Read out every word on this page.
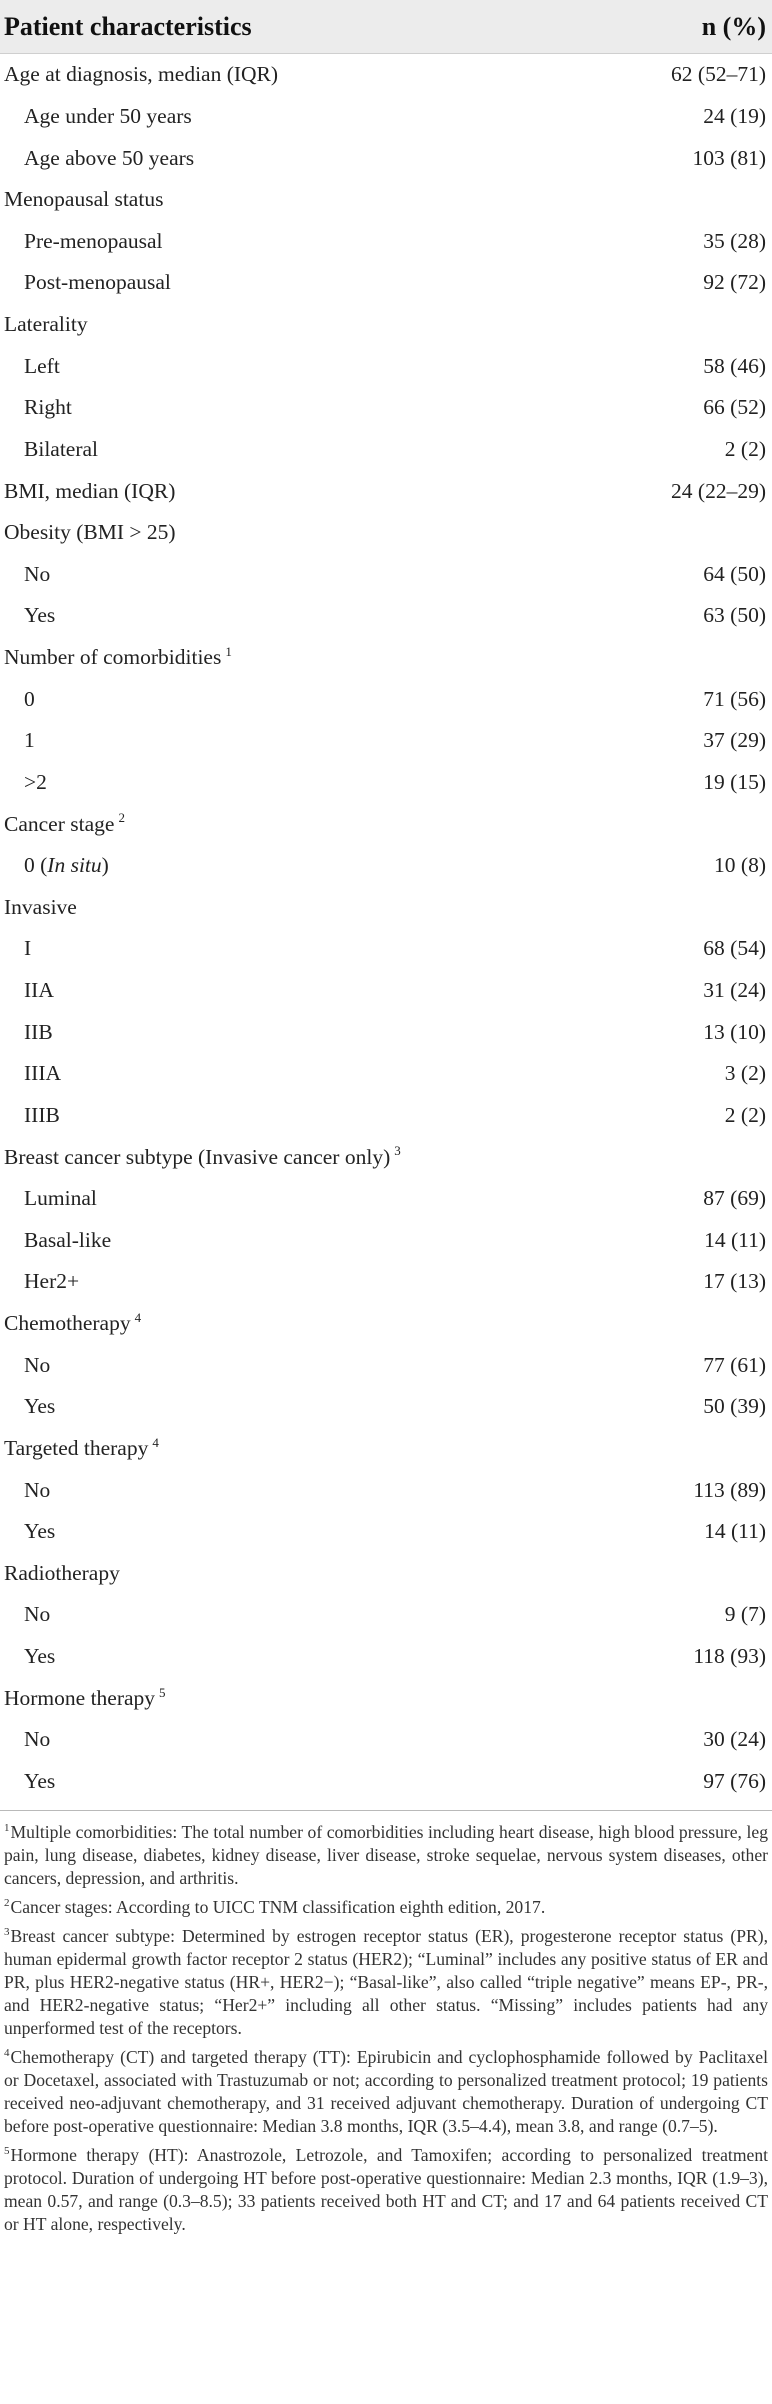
Patient characteristics	n (%)
Age at diagnosis, median (IQR)	62 (52–71)
Age under 50 years	24 (19)
Age above 50 years	103 (81)
Menopausal status
Pre-menopausal	35 (28)
Post-menopausal	92 (72)
Laterality
Left	58 (46)
Right	66 (52)
Bilateral	2 (2)
BMI, median (IQR)	24 (22–29)
Obesity (BMI > 25)
No	64 (50)
Yes	63 (50)
Number of comorbidities $^1$
0	71 (56)
1	37 (29)
>2	19 (15)
Cancer stage $^2$
0 (In situ)	10 (8)
Invasive
I	68 (54)
IIA	31 (24)
IIB	13 (10)
IIIA	3 (2)
IIIB	2 (2)
Breast cancer subtype (Invasive cancer only) $^3$
Luminal	87 (69)
Basal-like	14 (11)
Her2+	17 (13)
Chemotherapy $^4$
No	77 (61)
Yes	50 (39)
Targeted therapy $^4$
No	113 (89)
Yes	14 (11)
Radiotherapy
No	9 (7)
Yes	118 (93)
Hormone therapy $^5$
No	30 (24)
Yes	97 (76)
$^1$Multiple comorbidities: The total number of comorbidities including heart disease, high blood pressure, leg pain, lung disease, diabetes, kidney disease, liver disease, stroke sequelae, nervous system diseases, other cancers, depression, and arthritis.
$^2$Cancer stages: According to UICC TNM classification eighth edition, 2017.
$^3$Breast cancer subtype: Determined by estrogen receptor status (ER), progesterone receptor status (PR), human epidermal growth factor receptor 2 status (HER2); “Luminal” includes any positive status of ER and PR, plus HER2-negative status (HR+, HER2−); “Basal-like”, also called “triple negative” means EP-, PR-, and HER2-negative status; “Her2+” including all other status. “Missing” includes patients had any unperformed test of the receptors.
$^4$Chemotherapy (CT) and targeted therapy (TT): Epirubicin and cyclophosphamide followed by Paclitaxel or Docetaxel, associated with Trastuzumab or not; according to personalized treatment protocol; 19 patients received neo-adjuvant chemotherapy, and 31 received adjuvant chemotherapy. Duration of undergoing CT before post-operative questionnaire: Median 3.8 months, IQR (3.5–4.4), mean 3.8, and range (0.7–5).
$^5$Hormone therapy (HT): Anastrozole, Letrozole, and Tamoxifen; according to personalized treatment protocol. Duration of undergoing HT before post-operative questionnaire: Median 2.3 months, IQR (1.9–3), mean 0.57, and range (0.3–8.5); 33 patients received both HT and CT; and 17 and 64 patients received CT or HT alone, respectively.
